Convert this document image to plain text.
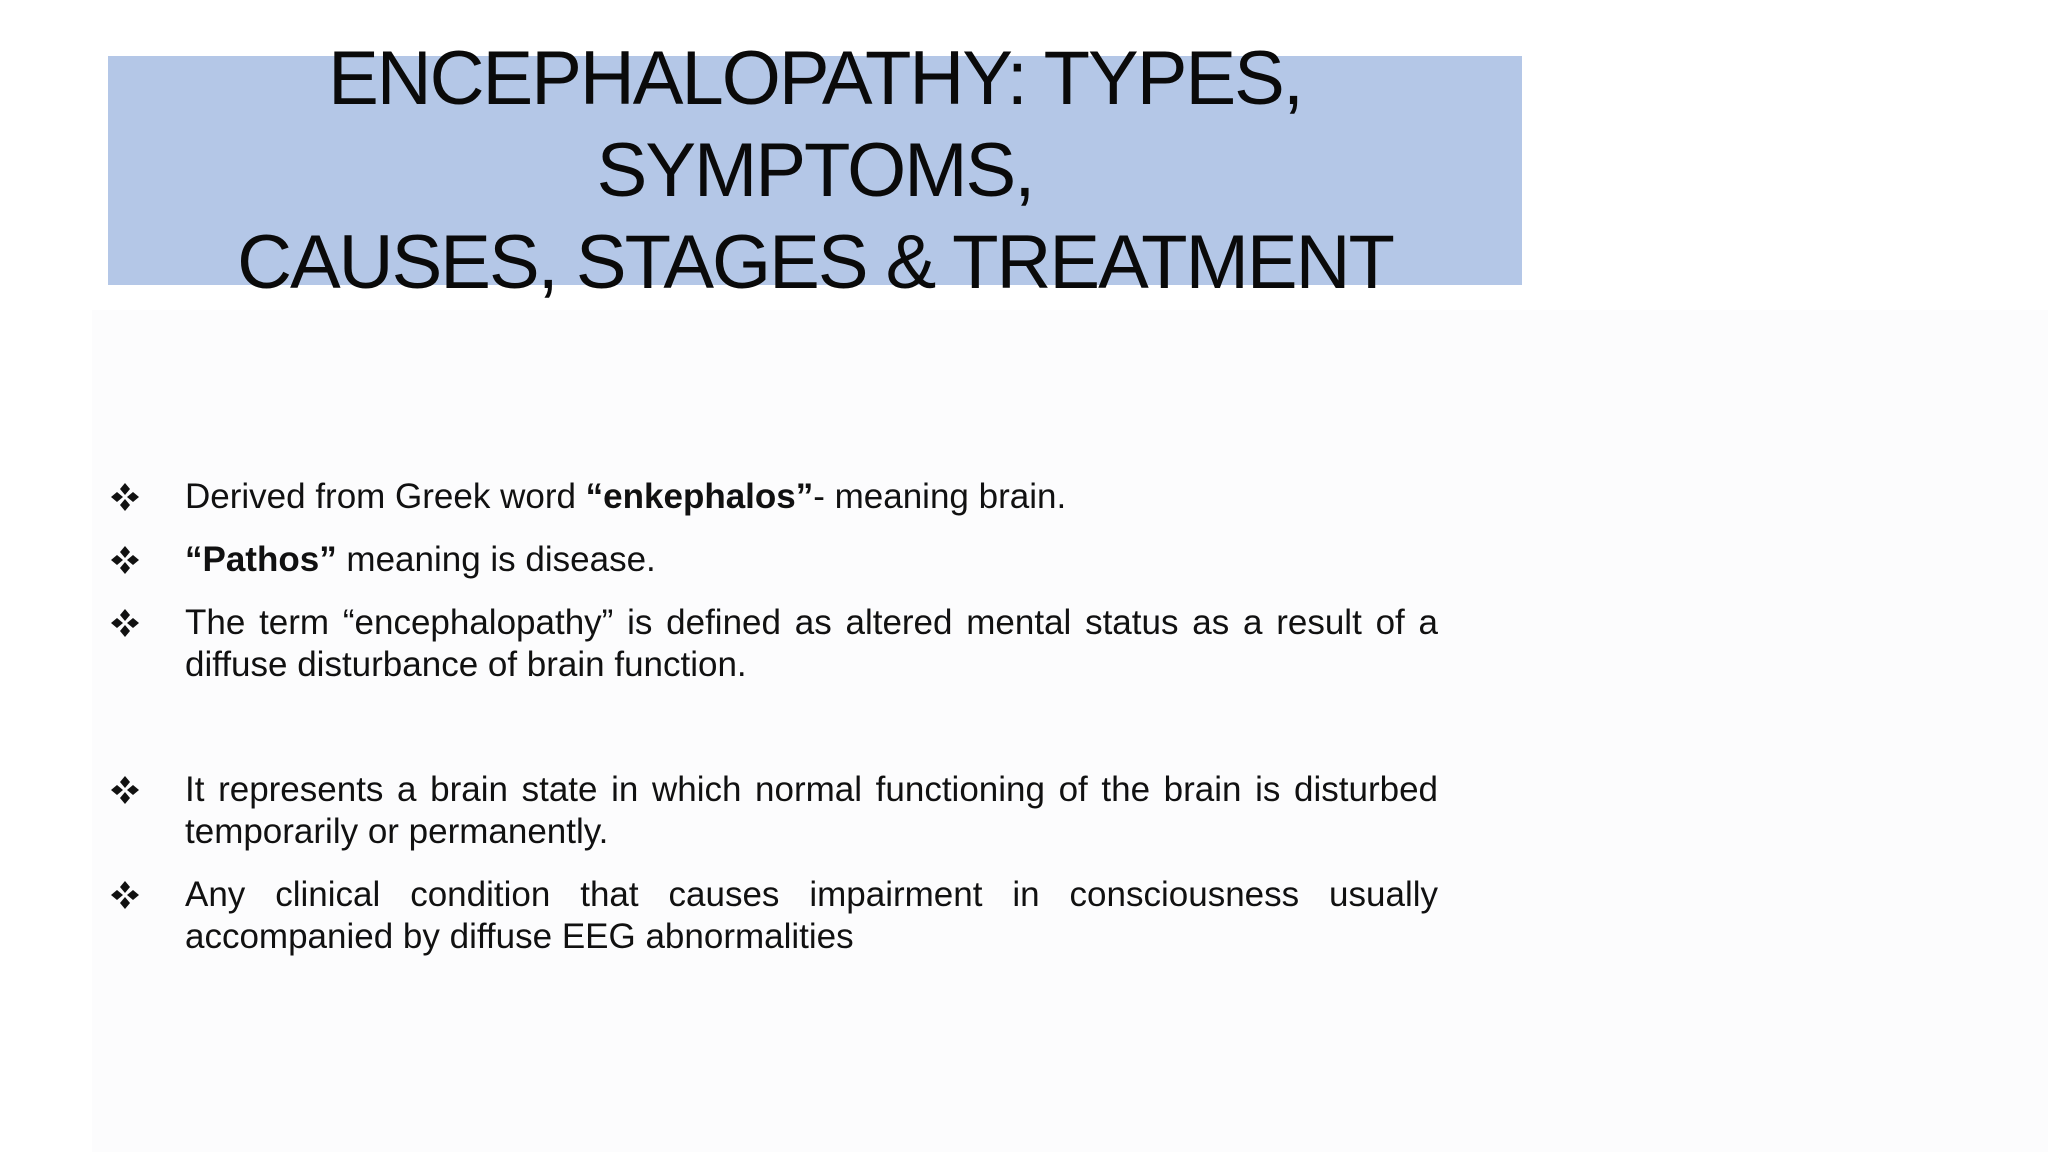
ENCEPHALOPATHY: TYPES, SYMPTOMS,
CAUSES, STAGES & TREATMENT
Derived from Greek word “enkephalos”- meaning brain.
“Pathos” meaning is disease.
The term “encephalopathy” is defined as altered mental status as a result of a diffuse disturbance of brain function.
It represents a brain state in which normal functioning of the brain is disturbed temporarily or permanently.
Any clinical condition that causes impairment in consciousness usually accompanied by diffuse EEG abnormalities
